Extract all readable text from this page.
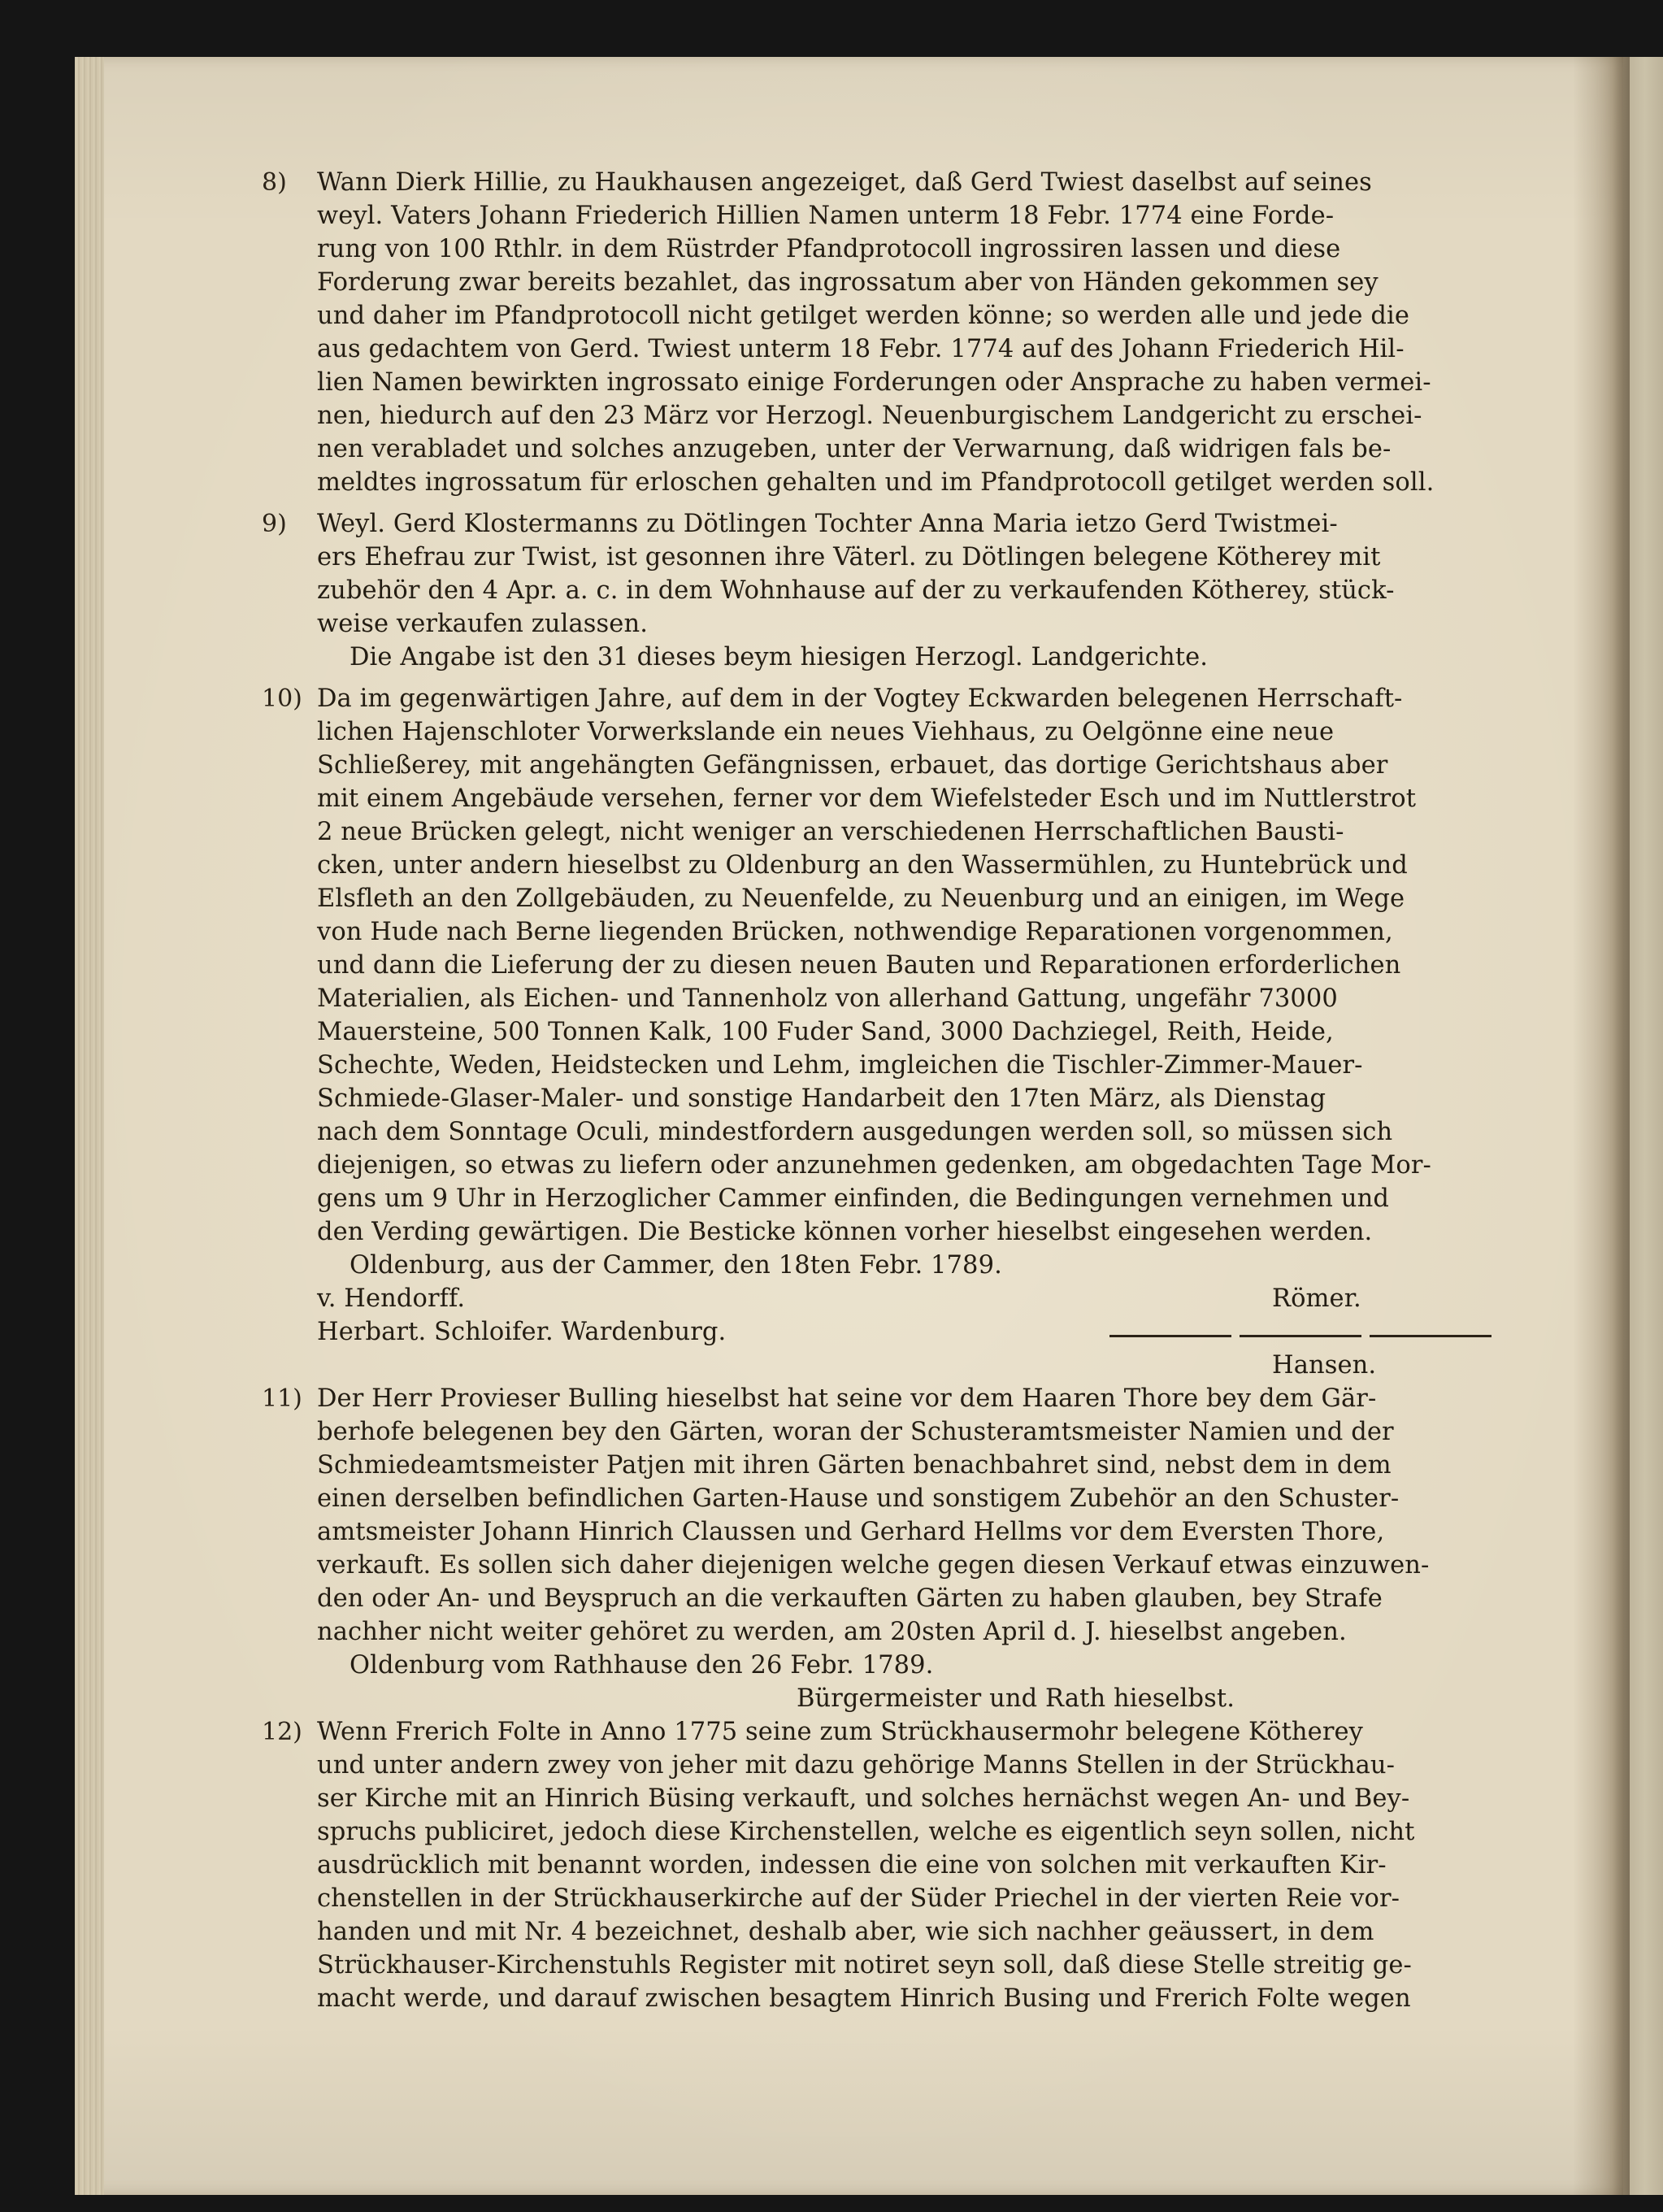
8) Wann Dierk Hillie, zu Haukhausen angezeiget, daß Gerd Twiest daselbst auf seines
weyl. Vaters Johann Friederich Hillien Namen unterm 18 Febr. 1774 eine Forde-
rung von 100 Rthlr. in dem Rüstrder Pfandprotocoll ingrossiren lassen und diese
Forderung zwar bereits bezahlet, das ingrossatum aber von Händen gekommen sey
und daher im Pfandprotocoll nicht getilget werden könne; so werden alle und jede die
aus gedachtem von Gerd. Twiest unterm 18 Febr. 1774 auf des Johann Friederich Hil-
lien Namen bewirkten ingrossato einige Forderungen oder Ansprache zu haben vermei-
nen, hiedurch auf den 23 März vor Herzogl. Neuenburgischem Landgericht zu erschei-
nen verabladet und solches anzugeben, unter der Verwarnung, daß widrigen fals be-
meldtes ingrossatum für erloschen gehalten und im Pfandprotocoll getilget werden soll.
9) Weyl. Gerd Klostermanns zu Dötlingen Tochter Anna Maria ietzo Gerd Twistmei-
ers Ehefrau zur Twist, ist gesonnen ihre Väterl. zu Dötlingen belegene Kötherey mit
zubehör den 4 Apr. a. c. in dem Wohnhause auf der zu verkaufenden Kötherey, stück-
weise verkaufen zulassen.
Die Angabe ist den 31 dieses beym hiesigen Herzogl. Landgerichte.
10) Da im gegenwärtigen Jahre, auf dem in der Vogtey Eckwarden belegenen Herrschaft-
lichen Hajenschloter Vorwerkslande ein neues Viehhaus, zu Oelgönne eine neue
Schließerey, mit angehängten Gefängnissen, erbauet, das dortige Gerichtshaus aber
mit einem Angebäude versehen, ferner vor dem Wiefelsteder Esch und im Nuttlerstrot
2 neue Brücken gelegt, nicht weniger an verschiedenen Herrschaftlichen Bausti-
cken, unter andern hieselbst zu Oldenburg an den Wassermühlen, zu Huntebrück und
Elsfleth an den Zollgebäuden, zu Neuenfelde, zu Neuenburg und an einigen, im Wege
von Hude nach Berne liegenden Brücken, nothwendige Reparationen vorgenommen,
und dann die Lieferung der zu diesen neuen Bauten und Reparationen erforderlichen
Materialien, als Eichen- und Tannenholz von allerhand Gattung, ungefähr 73000
Mauersteine, 500 Tonnen Kalk, 100 Fuder Sand, 3000 Dachziegel, Reith, Heide,
Schechte, Weden, Heidstecken und Lehm, imgleichen die Tischler-Zimmer-Mauer-
Schmiede-Glaser-Maler- und sonstige Handarbeit den 17ten März, als Dienstag
nach dem Sonntage Oculi, mindestfordern ausgedungen werden soll, so müssen sich
diejenigen, so etwas zu liefern oder anzunehmen gedenken, am obgedachten Tage Mor-
gens um 9 Uhr in Herzoglicher Cammer einfinden, die Bedingungen vernehmen und
den Verding gewärtigen. Die Besticke können vorher hieselbst eingesehen werden.
Oldenburg, aus der Cammer, den 18ten Febr. 1789.
v. Hendorff.
Herbart. Schloifer. Wardenburg.
Römer.
Hansen.
11) Der Herr Provieser Bulling hieselbst hat seine vor dem Haaren Thore bey dem Gär-
berhofe belegenen bey den Gärten, woran der Schusteramtsmeister Namien und der
Schmiedeamtsmeister Patjen mit ihren Gärten benachbahret sind, nebst dem in dem
einen derselben befindlichen Garten-Hause und sonstigem Zubehör an den Schuster-
amtsmeister Johann Hinrich Claussen und Gerhard Hellms vor dem Eversten Thore,
verkauft. Es sollen sich daher diejenigen welche gegen diesen Verkauf etwas einzuwen-
den oder An- und Beyspruch an die verkauften Gärten zu haben glauben, bey Strafe
nachher nicht weiter gehöret zu werden, am 20sten April d. J. hieselbst angeben.
Oldenburg vom Rathhause den 26 Febr. 1789.
Bürgermeister und Rath hieselbst.
12) Wenn Frerich Folte in Anno 1775 seine zum Strückhausermohr belegene Kötherey
und unter andern zwey von jeher mit dazu gehörige Manns Stellen in der Strückhau-
ser Kirche mit an Hinrich Büsing verkauft, und solches hernächst wegen An- und Bey-
spruchs publiciret, jedoch diese Kirchenstellen, welche es eigentlich seyn sollen, nicht
ausdrücklich mit benannt worden, indessen die eine von solchen mit verkauften Kir-
chenstellen in der Strückhauserkirche auf der Süder Priechel in der vierten Reie vor-
handen und mit Nr. 4 bezeichnet, deshalb aber, wie sich nachher geäussert, in dem
Strückhauser-Kirchenstuhls Register mit notiret seyn soll, daß diese Stelle streitig ge-
macht werde, und darauf zwischen besagtem Hinrich Busing und Frerich Folte wegen
